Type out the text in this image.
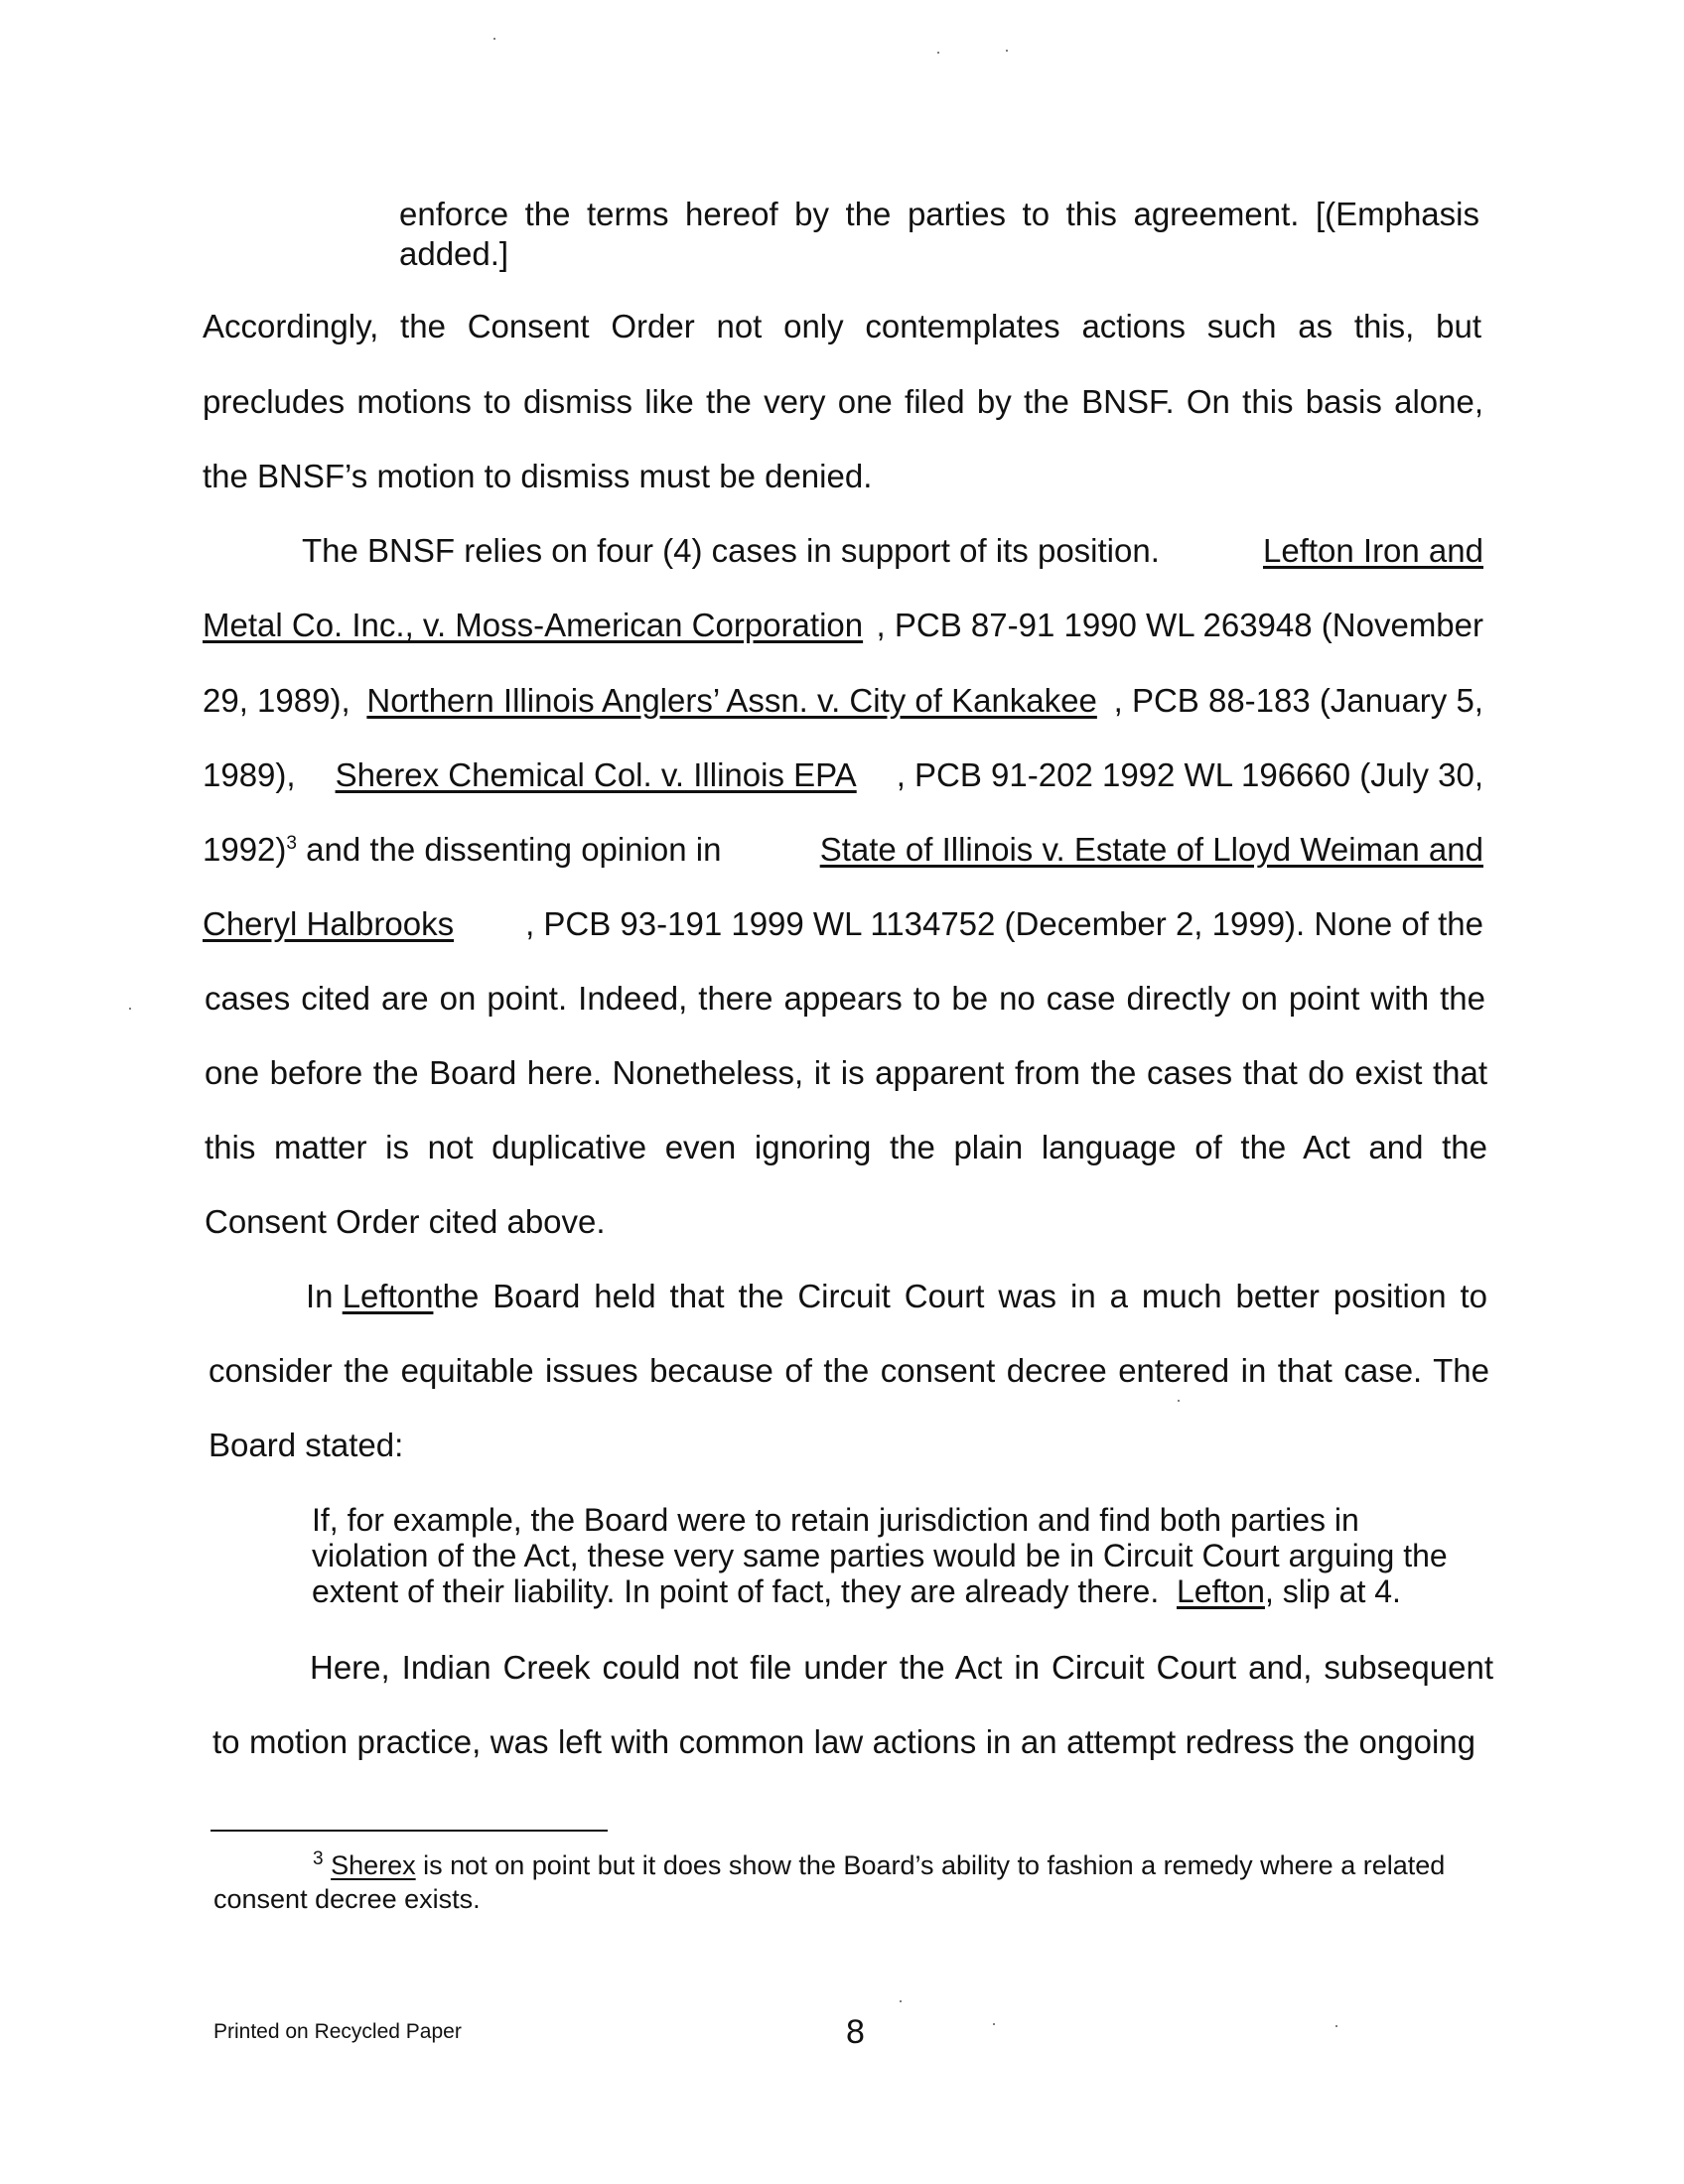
enforce the terms hereof by the parties to this agreement. [(Emphasis
added.]
Accordingly, the Consent Order not only contemplates actions such as this, but
precludes motions to dismiss like the very one filed by the BNSF. On this basis alone,
the BNSF’s motion to dismiss must be denied.
The BNSF relies on four (4) cases in support of its position.	Lefton Iron and
Metal Co. Inc., v. Moss-American Corporation , PCB 87-91 1990 WL 263948 (November
29, 1989), Northern Illinois Anglers’ Assn. v. City of Kankakee , PCB 88-183 (January 5,
1989), Sherex Chemical Col. v. Illinois EPA , PCB 91-202 1992 WL 196660 (July 30,
1992)$^3$ and the dissenting opinion in	State of Illinois v. Estate of Lloyd Weiman and
Cheryl Halbrooks	, PCB 93-191 1999 WL 1134752 (December 2, 1999). None of the
cases cited are on point. Indeed, there appears to be no case directly on point with the
one before the Board here. Nonetheless, it is apparent from the cases that do exist that
this matter is not duplicative even ignoring the plain language of the Act and the
Consent Order cited above.
In
Lefton the Board held that the Circuit Court was in a much better position to
consider the equitable issues because of the consent decree entered in that case. The
Board stated:
If, for example, the Board were to retain jurisdiction and find both parties in
violation of the Act, these very same parties would be in Circuit Court arguing the
extent of their liability. In point of fact, they are already there. Lefton, slip at 4.
Here, Indian Creek could not file under the Act in Circuit Court and, subsequent
to motion practice, was left with common law actions in an attempt redress the ongoing
$^3$ Sherex is not on point but it does show the Board’s ability to fashion a remedy where a related
consent decree exists.
Printed on Recycled Paper	8
